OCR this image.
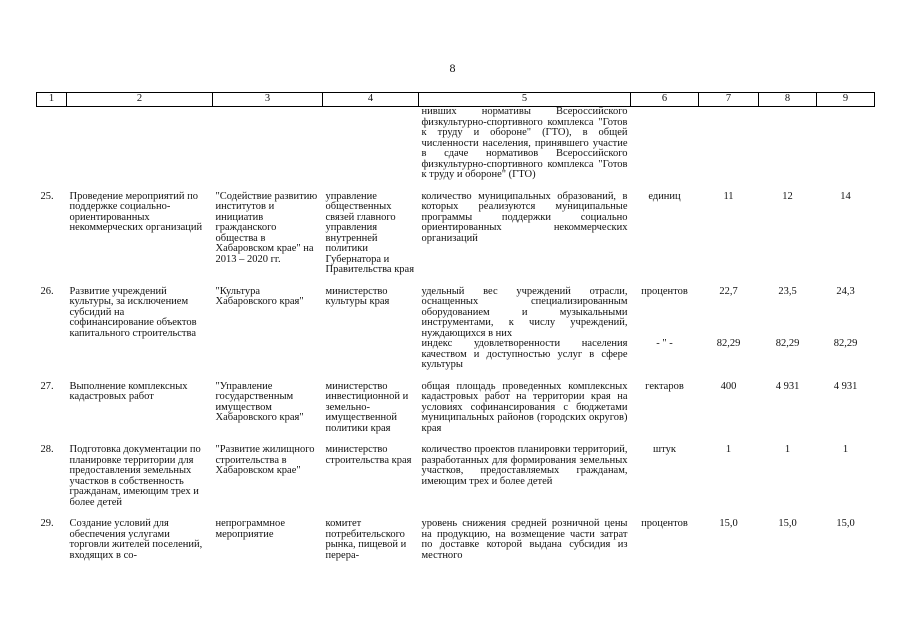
8
1	2	3	4	5	6	7	8	9
				нивших нормативы Всероссийского физкультурно-спортивного комплекса "Готов к труду и обороне" (ГТО), в общей численности населения, принявшего участие в сдаче нормативов Всероссийского физкультурно-спортивного комплекса "Готов к труду и обороне" (ГТО)				

25.	Проведение мероприятий по поддержке социально-ориентированных некоммерческих организаций	"Содействие развитию институтов и инициатив гражданского общества в Хабаровском крае" на 2013 – 2020 гг.	управление общественных связей главного управления внутренней политики Губернатора и Правительства края	количество муниципальных образований, в которых реализуются муниципальные программы поддержки социально ориентированных некоммерческих организаций	единиц	11	12	14

26.	Развитие учреждений культуры, за исключением субсидий на софинансирование объектов капитального строительства	"Культура Хабаровского края"	министерство культуры края	удельный вес учреждений отрасли, оснащенных специализированным оборудованием и музыкальными инструментами, к числу учреждений, нуждающихся в них	процентов	22,7	23,5	24,3
				индекс удовлетворенности населения качеством и доступностью услуг в сфере культуры	- " -	82,29	82,29	82,29

27.	Выполнение комплексных кадастровых работ	"Управление государственным имуществом Хабаровского края"	министерство инвестиционной и земельно-имущественной политики края	общая площадь проведенных комплексных кадастровых работ на территории края на условиях софинансирования с бюджетами муниципальных районов (городских округов) края	гектаров	400	4 931	4 931

28.	Подготовка документации по планировке территории для предоставления земельных участков в собственность гражданам, имеющим трех и более детей	"Развитие жилищного строительства в Хабаровском крае"	министерство строительства края	количество проектов планировки территорий, разработанных для формирования земельных участков, предоставляемых гражданам, имеющим трех и более детей	штук	1	1	1

29.	Создание условий для обеспечения услугами торговли жителей поселений, входящих в со-	непрограммное мероприятие	комитет потребительского рынка, пищевой и перера-	уровень снижения средней розничной цены на продукцию, на возмещение части затрат по доставке которой выдана субсидия из местного	процентов	15,0	15,0	15,0
